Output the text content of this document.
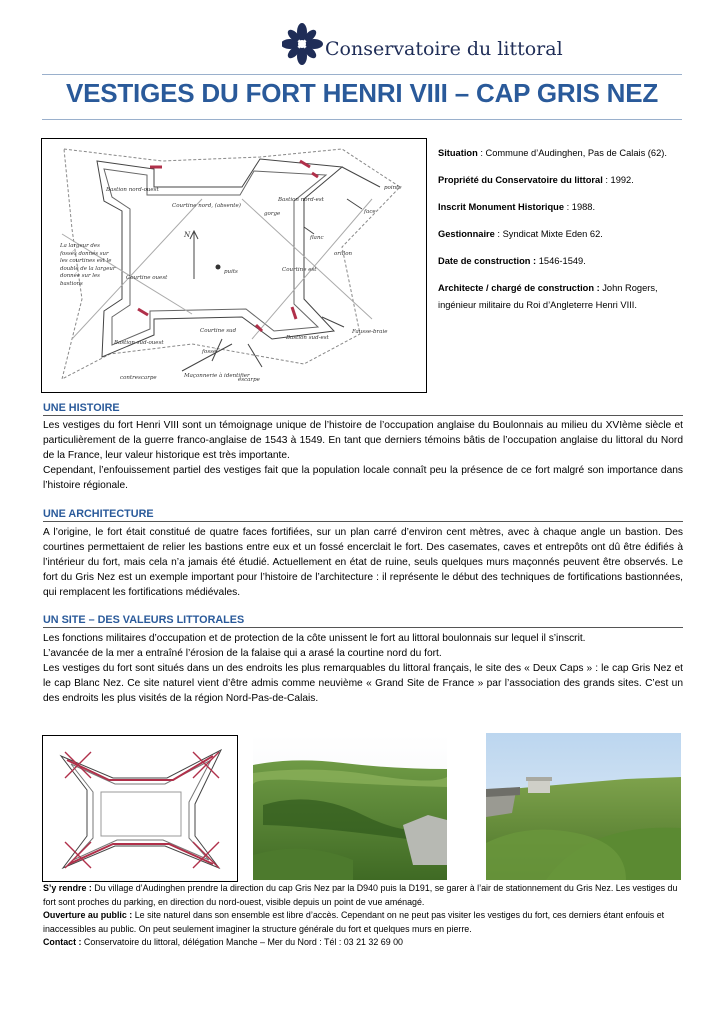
Conservatoire du littoral
VESTIGES DU FORT HENRI VIII – CAP GRIS NEZ
Bastion nord-ouest
Bastion nord-est
Bastion sud-ouest
Bastion sud-est
Courtine nord, (absente)
Courtine est
Courtine ouest
Courtine sud
pointe
face
flanc
orillon
gorge
puits
N
fossé
Maçonnerie à identifier
contrescarpe	escarpe
Fausse-braie
La largeur des fossés donnés sur les courtines est le double de la largeur donnée sur les bastions
Situation : Commune d’Audinghen, Pas de Calais (62).
Propriété du Conservatoire du littoral : 1992.
Inscrit Monument Historique : 1988.
Gestionnaire : Syndicat Mixte Eden 62.
Date de construction : 1546-1549.
Architecte / chargé de construction : John Rogers, ingénieur militaire du Roi d’Angleterre Henri VIII.
UNE HISTOIRE

Les vestiges du fort Henri VIII sont un témoignage unique de l’histoire de l’occupation anglaise du Boulonnais au milieu du XVIème siècle et particulièrement de la guerre franco-anglaise de 1543 à 1549. En tant que derniers témoins bâtis de l’occupation anglaise du littoral du Nord de la France, leur valeur historique est très importante.

Cependant, l’enfouissement partiel des vestiges fait que la population locale connaît peu la présence de ce fort malgré son importance dans l’histoire régionale.

UNE ARCHITECTURE

A l’origine, le fort était constitué de quatre faces fortifiées, sur un plan carré d’environ cent mètres, avec à chaque angle un bastion. Des courtines permettaient de relier les bastions entre eux et un fossé encerclait le fort. Des casemates, caves et entrepôts ont dû être édifiés à l’intérieur du fort, mais cela n’a jamais été étudié. Actuellement en état de ruine, seuls quelques murs maçonnés peuvent être observés. Le fort du Gris Nez est un exemple important pour l’histoire de l’architecture : il représente le début des techniques de fortifications bastionnées, qui remplacent les fortifications médiévales.

UN SITE – DES VALEURS LITTORALES

Les fonctions militaires d’occupation et de protection de la côte unissent le fort au littoral boulonnais sur lequel il s’inscrit.

L’avancée de la mer a entraîné l’érosion de la falaise qui a arasé la courtine nord du fort.

Les vestiges du fort sont situés dans un des endroits les plus remarquables du littoral français, le site des « Deux Caps » : le cap Gris Nez et le cap Blanc Nez. Ce site naturel vient d’être admis comme neuvième « Grand Site de France » par l’association des grands sites. C’est un des endroits les plus visités de la région Nord-Pas-de-Calais.

S’y rendre : Du village d’Audinghen prendre la direction du cap Gris Nez par la D940 puis la D191, se garer à l’air de stationnement du Gris Nez. Les vestiges du fort sont proches du parking, en direction du nord-ouest, visible depuis un point de vue aménagé.

Ouverture au public : Le site naturel dans son ensemble est libre d’accès. Cependant on ne peut pas visiter les vestiges du fort, ces derniers étant enfouis et inaccessibles au public. On peut seulement imaginer la structure générale du fort et quelques murs en pierre.

Contact : Conservatoire du littoral, délégation Manche – Mer du Nord : Tél : 03 21 32 69 00
